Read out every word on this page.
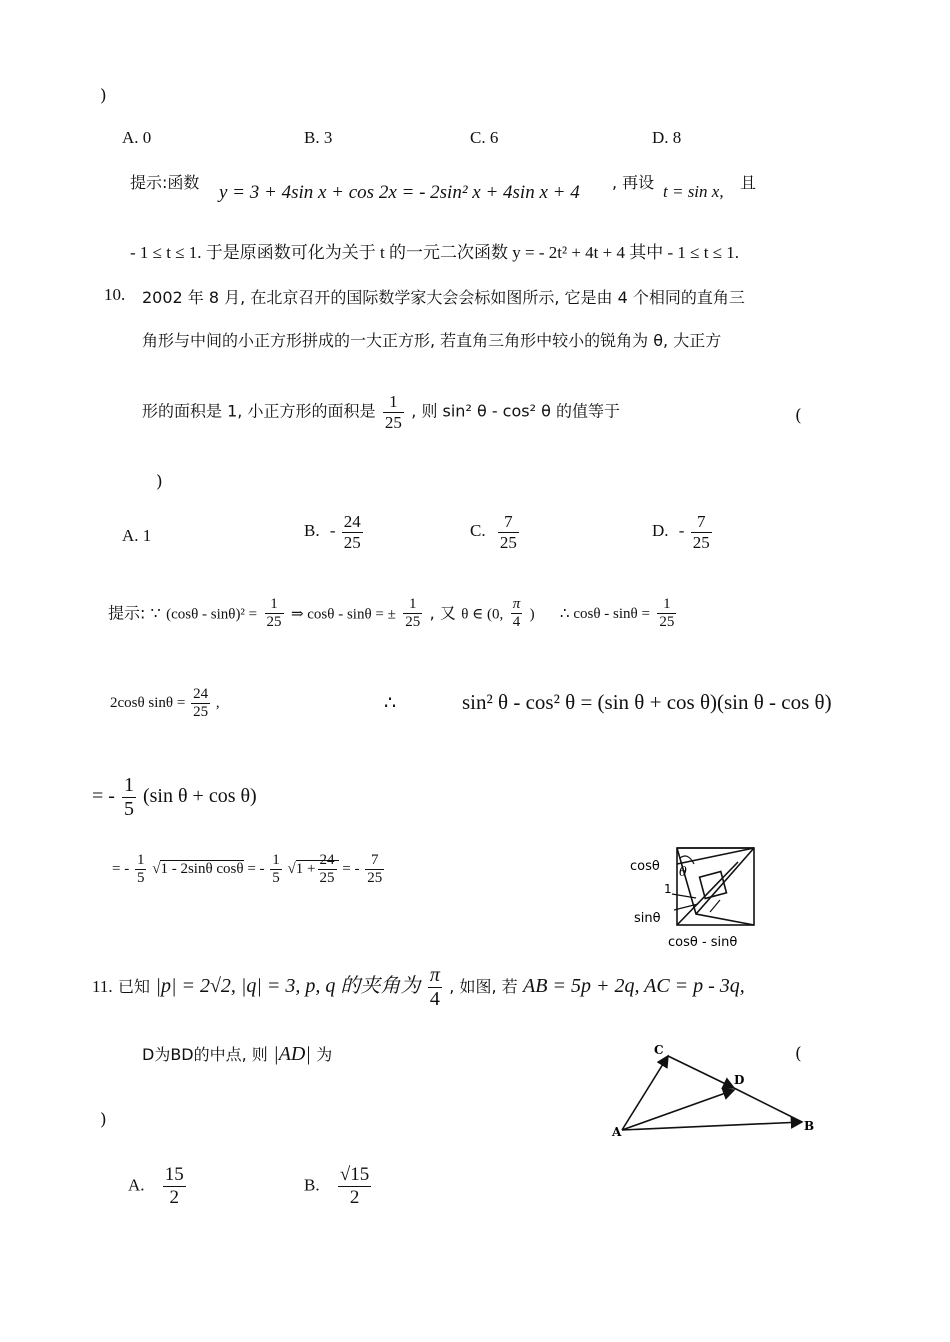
)
A. 0	B. 3	C. 6	D. 8
提示:函数 y = 3 + 4sin x + cos 2x = - 2sin² x + 4sin x + 4 , 再设 t = sin x, 且
- 1 ≤ t ≤ 1. 于是原函数可化为关于 t 的一元二次函数 y = - 2t² + 4t + 4 其中 - 1 ≤ t ≤ 1.
10. 2002 年 8 月, 在北京召开的国际数学家大会会标如图所示, 它是由 4 个相同的直角三
角形与中间的小正方形拼成的一大正方形, 若直角三角形中较小的锐角为 θ, 大正方
形的面积是 1, 小正方形的面积是 $\frac{1}{25}$ , 则 sin² θ - cos² θ 的值等于	(
)
A. 1	B. - $\frac{24}{25}$	C. $\frac{7}{25}$	D. - $\frac{7}{25}$
提示: ∵ $(\cos\theta - \sin\theta)^2 = \frac{1}{25}$ ⇒ cosθ - sinθ = ± $\frac{1}{25}$ , 又 θ ∈ (0, $\frac{\pi}{4}$ ) ∴ $\cos\theta - \sin\theta = \frac{1}{25}$
2cosθ $\sin\theta = \frac{24}{25}$ ,	∴	sin² θ - cos² θ = (sin θ + cos θ)(sin θ - cos θ)
= - $\frac{1}{5} (\sin$ θ + cos θ)
= - $\frac{1}{5} √1 - 2\sin\theta$ cosθ = - $\frac{1}{5} √1 + \frac{24}{25}$ = - $\frac{7}{25}$	cosθ θ
1
sinθ
cosθ - sinθ
11. 已知 |p| = 2√2, |q| = 3, p, q 的夹角为 $\frac{\pi}{4}$ , 如图, 若 AB = 5p + 2q, AC = p - 3q,
D为BD的中点, 则 |AD| 为	(
)
A	B
C
D
A. $\frac{15}{2}$	B. $\frac{√15}{2}$
